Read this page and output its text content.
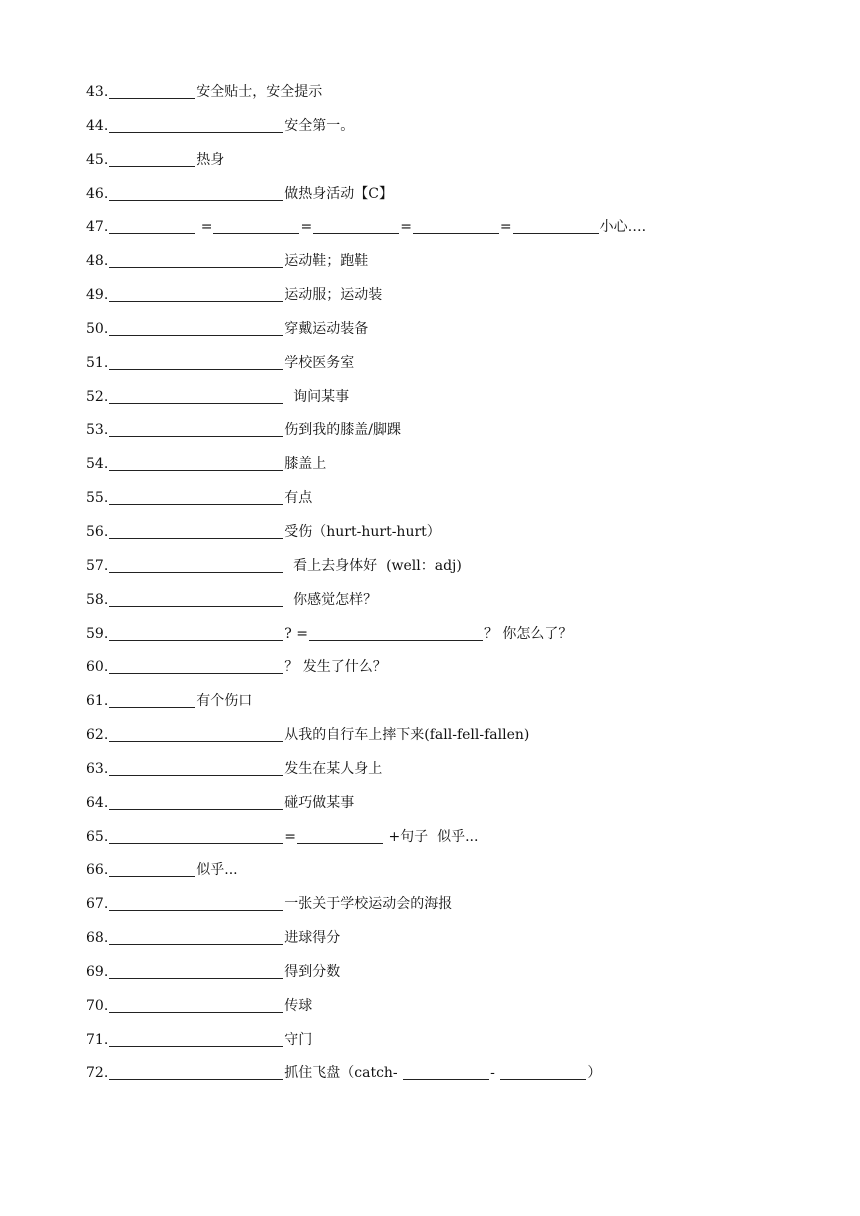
43.	安全贴士，安全提示
44.	安全第一。
45.	热身
46.	做热身活动【C】
47.	=	=	=	=	小心….
48.	运动鞋；跑鞋
49.	运动服；运动装
50.	穿戴运动装备
51.	学校医务室
52.	询问某事
53.	伤到我的膝盖/脚踝
54.	膝盖上
55.	有点
56.	受伤（hurt-hurt-hurt）
57.	看上去身体好  (well：adj)
58.	你感觉怎样？
59.	? =	？ 你怎么了？
60.	？ 发生了什么？
61.	有个伤口
62.	从我的自行车上摔下来(fall-fell-fallen)
63.	发生在某人身上
64.	碰巧做某事
65.	=	+句子  似乎...
66.	似乎...
67.	一张关于学校运动会的海报
68.	进球得分
69.	得到分数
70.	传球
71.	守门
72.	抓住飞盘（catch-	-	）
